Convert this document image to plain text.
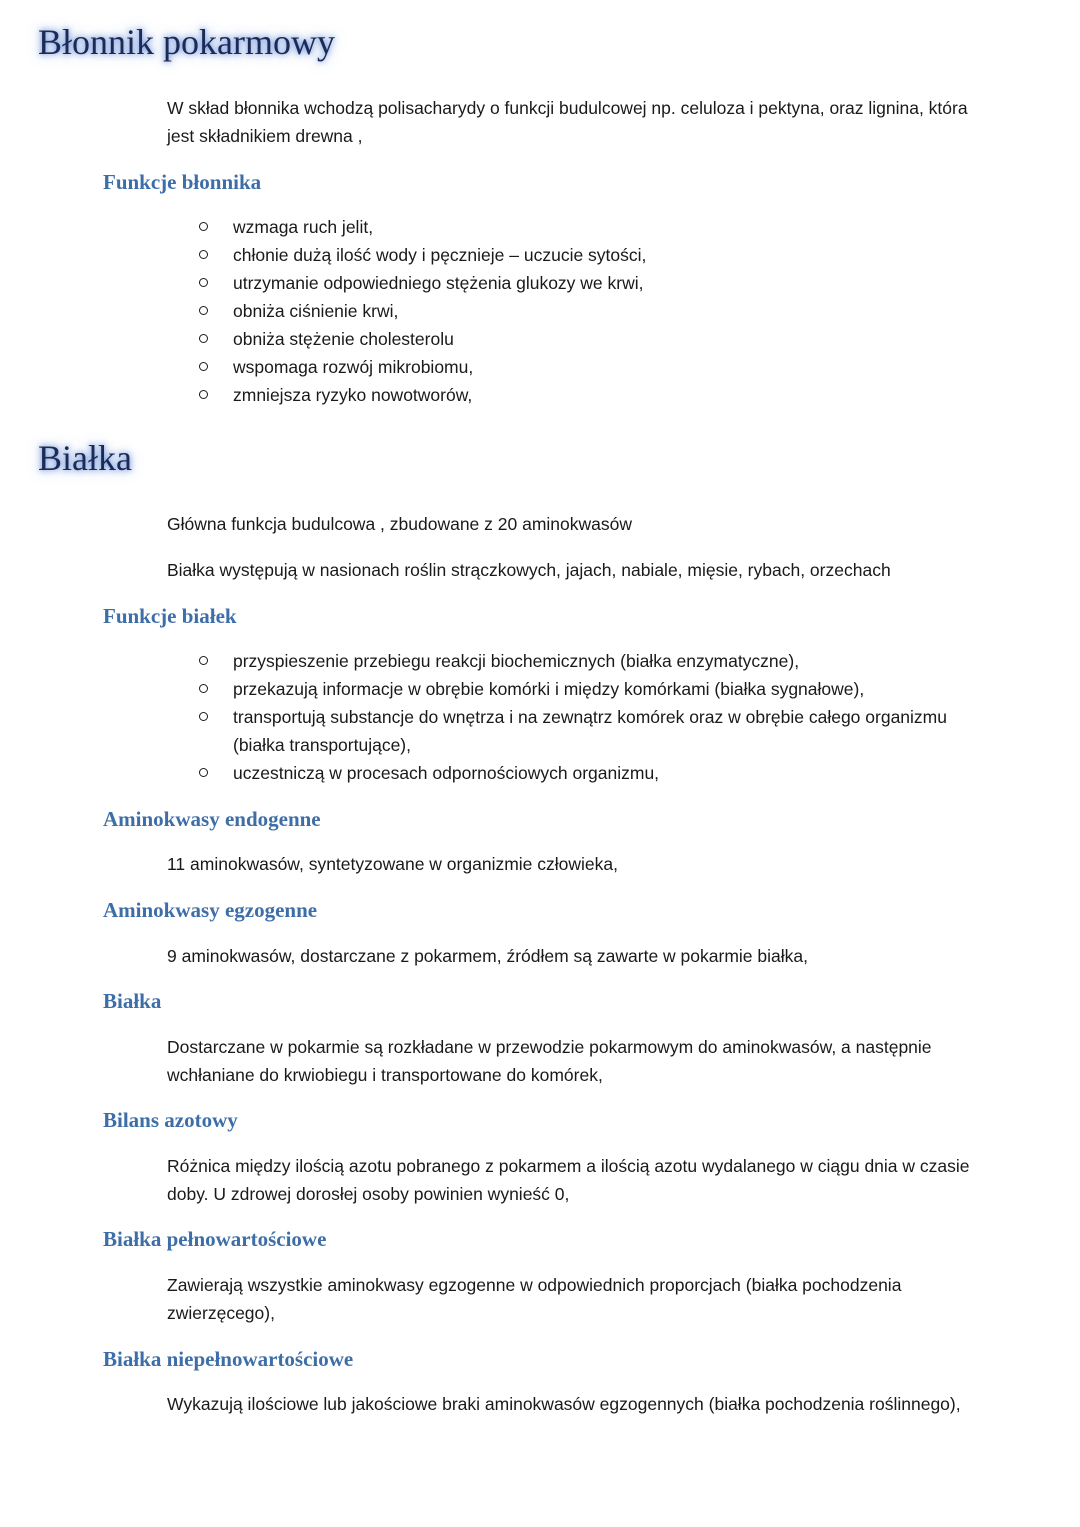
Błonnik pokarmowy

W skład błonnika wchodzą polisacharydy o funkcji budulcowej np. celuloza i pektyna, oraz lignina, która jest składnikiem drewna ,

Funkcje błonnika
wzmaga ruch jelit,
chłonie dużą ilość wody i pęcznieje – uczucie sytości,
utrzymanie odpowiedniego stężenia glukozy we krwi,
obniża ciśnienie krwi,
obniża stężenie cholesterolu
wspomaga rozwój mikrobiomu,
zmniejsza ryzyko nowotworów,
Białka

Główna funkcja budulcowa , zbudowane z 20 aminokwasów

Białka występują w nasionach roślin strączkowych, jajach, nabiale, mięsie, rybach, orzechach

Funkcje białek
przyspieszenie przebiegu reakcji biochemicznych (białka enzymatyczne),
przekazują informacje w obrębie komórki i między komórkami (białka sygnałowe),
transportują substancje do wnętrza i na zewnątrz komórek oraz w obrębie całego organizmu (białka transportujące),
uczestniczą w procesach odpornościowych organizmu,
Aminokwasy endogenne

11 aminokwasów, syntetyzowane w organizmie człowieka,

Aminokwasy egzogenne

9 aminokwasów, dostarczane z pokarmem, źródłem są zawarte w pokarmie białka,

Białka

Dostarczane w pokarmie są rozkładane w przewodzie pokarmowym do aminokwasów, a następnie wchłaniane do krwiobiegu i transportowane do komórek,

Bilans azotowy

Różnica między ilością azotu pobranego z pokarmem a ilością azotu wydalanego w ciągu dnia w czasie doby. U zdrowej dorosłej osoby powinien wynieść 0,

Białka pełnowartościowe

Zawierają wszystkie aminokwasy egzogenne w odpowiednich proporcjach (białka pochodzenia zwierzęcego),

Białka niepełnowartościowe

Wykazują ilościowe lub jakościowe braki aminokwasów egzogennych (białka pochodzenia roślinnego),
